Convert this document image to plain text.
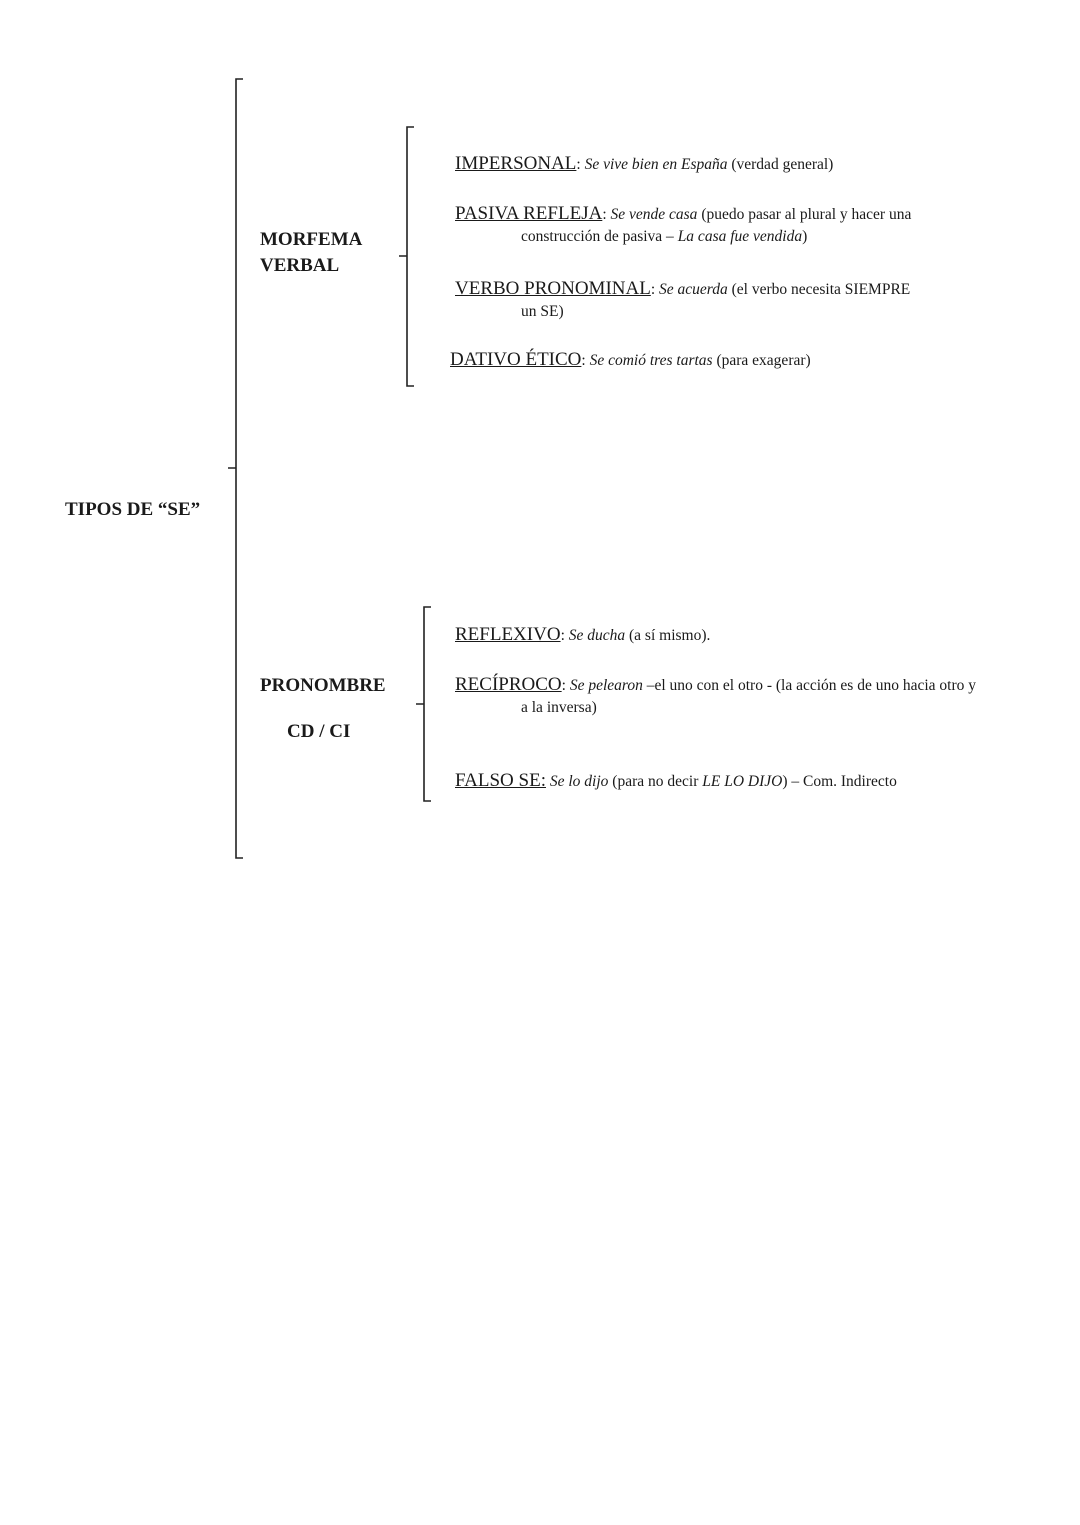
TIPOS DE “SE”
MORFEMA
VERBAL
PRONOMBRE
CD / CI
IMPERSONAL: Se vive bien en España (verdad general)
PASIVA REFLEJA: Se vende casa (puedo pasar al plural y hacer una
construcción de pasiva – La casa fue vendida)
VERBO PRONOMINAL: Se acuerda (el verbo necesita SIEMPRE
un SE)
DATIVO ÉTICO: Se comió tres tartas (para exagerar)
REFLEXIVO: Se ducha (a sí mismo).
RECÍPROCO: Se pelearon –el uno con el otro - (la acción es de uno hacia otro y
a la inversa)
FALSO SE: Se lo dijo (para no decir LE LO DIJO) – Com. Indirecto
